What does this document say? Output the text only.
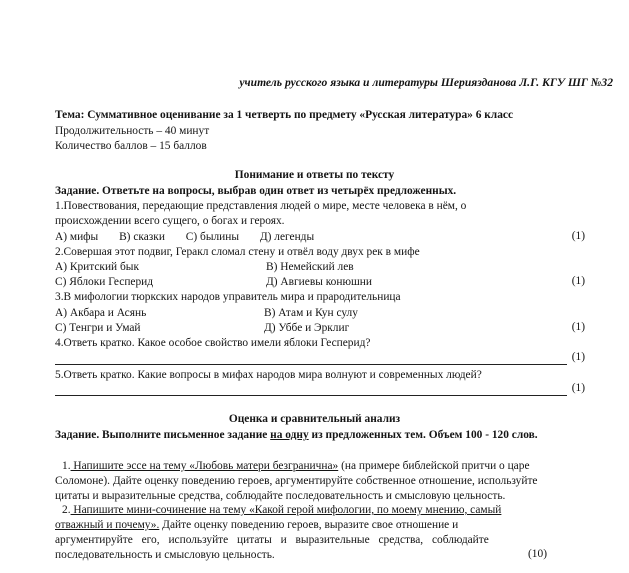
учитель русского языка и литературы Шериязданова Л.Г. КГУ ШГ №32
Тема: Суммативное оценивание за 1 четверть по предмету «Русская литература» 6 класс
Продолжительность – 40 минут
Количество баллов – 15 баллов
Понимание и ответы по тексту
Задание. Ответьте на вопросы, выбрав один ответ из четырёх предложенных.
1.Повествования, передающие представления людей о мире, месте человека в нём, о
происхождении всего сущего, о богах и героях.
А) мифы В) сказки С) былины Д) легенды	(1)
2.Совершая этот подвиг, Геракл сломал стену и отвёл воду двух рек в мифе
А) Критский бык	В) Немейский лев
С) Яблоки Гесперид	Д) Авгиевы конюшни	(1)
3.В мифологии тюркских народов управитель мира и прародительница
А) Акбара и Асянь	В) Атам и Кун сулу
С) Тенгри и Умай	Д) Уббе и Эрклиг	(1)
4.Ответь кратко. Какое особое свойство имели яблоки Гесперид?
(1)
5.Ответь кратко. Какие вопросы в мифах народов мира волнуют и современных людей?
(1)
Оценка и сравнительный анализ
Задание. Выполните письменное задание на одну из предложенных тем. Объем 100 - 120 слов.
1. Напишите эссе на тему «Любовь матери безгранична» (на примере библейской притчи о царе
Соломоне). Дайте оценку поведению героев, аргументируйте собственное отношение, используйте
цитаты и выразительные средства, соблюдайте последовательность и смысловую цельность.
2. Напишите мини-сочинение на тему «Какой герой мифологии, по моему мнению, самый
отважный и почему». Дайте оценку поведению героев, выразите свое отношение и
аргументируйте его, используйте цитаты и выразительные средства, соблюдайте
последовательность и смысловую цельность.	(10)
